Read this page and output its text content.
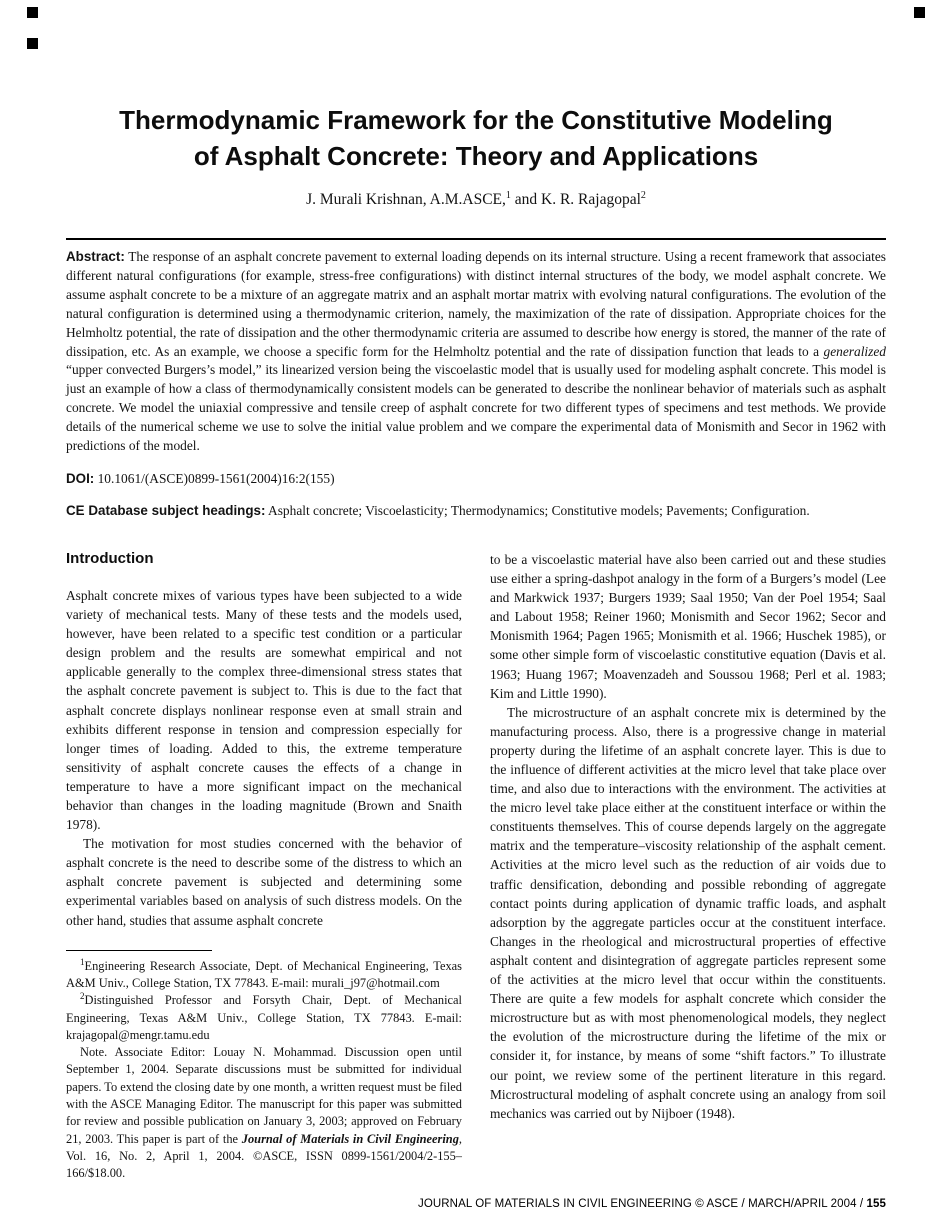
Thermodynamic Framework for the Constitutive Modeling
of Asphalt Concrete: Theory and Applications

J. Murali Krishnan, A.M.ASCE,$^1$ and K. R. Rajagopal$^2$

Abstract: The response of an asphalt concrete pavement to external loading depends on its internal structure. Using a recent framework that associates different natural configurations (for example, stress-free configurations) with distinct internal structures of the body, we model asphalt concrete. We assume asphalt concrete to be a mixture of an aggregate matrix and an asphalt mortar matrix with evolving natural configurations. The evolution of the natural configuration is determined using a thermodynamic criterion, namely, the maximization of the rate of dissipation. Appropriate choices for the Helmholtz potential, the rate of dissipation and the other thermodynamic criteria are assumed to describe how energy is stored, the manner of the rate of dissipation, etc. As an example, we choose a specific form for the Helmholtz potential and the rate of dissipation function that leads to a generalized “upper convected Burgers’s model,” its linearized version being the viscoelastic model that is usually used for modeling asphalt concrete. This model is just an example of how a class of thermodynamically consistent models can be generated to describe the nonlinear behavior of materials such as asphalt concrete. We model the uniaxial compressive and tensile creep of asphalt concrete for two different types of specimens and test methods. We provide details of the numerical scheme we use to solve the initial value problem and we compare the experimental data of Monismith and Secor in 1962 with predictions of the model.

DOI: 10.1061/(ASCE)0899-1561(2004)16:2(155)

CE Database subject headings: Asphalt concrete; Viscoelasticity; Thermodynamics; Constitutive models; Pavements; Configuration.

Introduction

Asphalt concrete mixes of various types have been subjected to a wide variety of mechanical tests. Many of these tests and the models used, however, have been related to a specific test condition or a particular design problem and the results are somewhat empirical and not applicable generally to the complex three-dimensional stress states that the asphalt concrete pavement is subject to. This is due to the fact that asphalt concrete displays nonlinear response even at small strain and exhibits different response in tension and compression especially for longer times of loading. Added to this, the extreme temperature sensitivity of asphalt concrete causes the effects of a change in temperature to have a more significant impact on the mechanical behavior than changes in the loading magnitude (Brown and Snaith 1978).

The motivation for most studies concerned with the behavior of asphalt concrete is the need to describe some of the distress to which an asphalt concrete pavement is subjected and determining some experimental variables based on analysis of such distress models. On the other hand, studies that assume asphalt concrete

$^1$Engineering Research Associate, Dept. of Mechanical Engineering, Texas A&M Univ., College Station, TX 77843. E-mail: murali_j97@hotmail.com

$^2$Distinguished Professor and Forsyth Chair, Dept. of Mechanical Engineering, Texas A&M Univ., College Station, TX 77843. E-mail: krajagopal@mengr.tamu.edu

Note. Associate Editor: Louay N. Mohammad. Discussion open until September 1, 2004. Separate discussions must be submitted for individual papers. To extend the closing date by one month, a written request must be filed with the ASCE Managing Editor. The manuscript for this paper was submitted for review and possible publication on January 3, 2003; approved on February 21, 2003. This paper is part of the Journal of Materials in Civil Engineering, Vol. 16, No. 2, April 1, 2004. ©ASCE, ISSN 0899-1561/2004/2-155–166/$18.00.

to be a viscoelastic material have also been carried out and these studies use either a spring-dashpot analogy in the form of a Burgers’s model (Lee and Markwick 1937; Burgers 1939; Saal 1950; Van der Poel 1954; Saal and Labout 1958; Reiner 1960; Monismith and Secor 1962; Secor and Monismith 1964; Pagen 1965; Monismith et al. 1966; Huschek 1985), or some other simple form of viscoelastic constitutive equation (Davis et al. 1963; Huang 1967; Moavenzadeh and Soussou 1968; Perl et al. 1983; Kim and Little 1990).

The microstructure of an asphalt concrete mix is determined by the manufacturing process. Also, there is a progressive change in material property during the lifetime of an asphalt concrete layer. This is due to the influence of different activities at the micro level that take place over time, and also due to interactions with the environment. The activities at the micro level take place either at the constituent interface or within the constituents themselves. This of course depends largely on the aggregate matrix and the temperature–viscosity relationship of the asphalt cement. Activities at the micro level such as the reduction of air voids due to traffic densification, debonding and possible rebonding of aggregate contact points during application of dynamic traffic loads, and asphalt adsorption by the aggregate particles occur at the constituent interface. Changes in the rheological and microstructural properties of effective asphalt content and disintegration of aggregate particles represent some of the activities at the micro level that occur within the constituents. There are quite a few models for asphalt concrete which consider the microstructure but as with most phenomenological models, they neglect the evolution of the microstructure during the lifetime of the mix or consider it, for instance, by means of some “shift factors.” To illustrate our point, we review some of the pertinent literature in this regard. Microstructural modeling of asphalt concrete using an analogy from soil mechanics was carried out by Nijboer (1948).

JOURNAL OF MATERIALS IN CIVIL ENGINEERING © ASCE / MARCH/APRIL 2004 / 155
